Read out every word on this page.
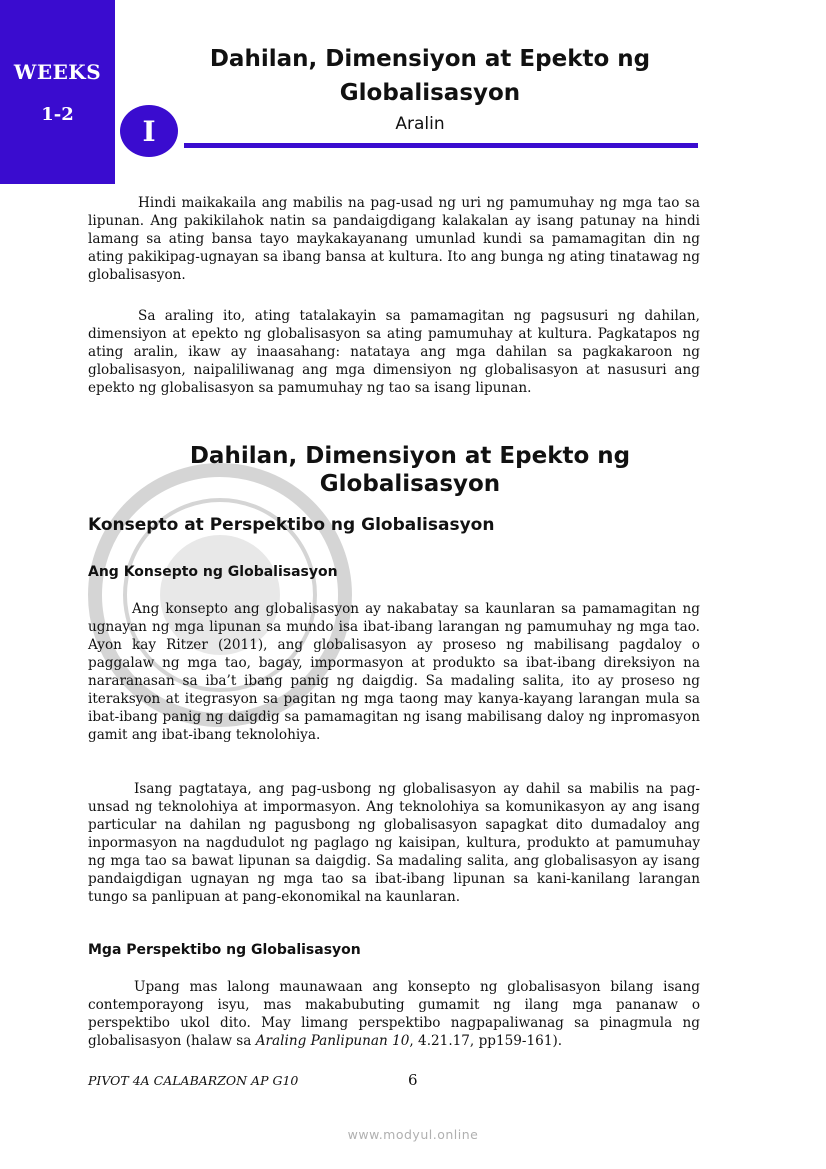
WEEKS
1-2
Dahilan, Dimensiyon at Epekto ng
Globalisasyon
I	Aralin

Hindi maikakaila ang mabilis na pag-usad ng uri ng pamumuhay ng mga tao sa lipunan. Ang pakikilahok natin sa pandaigdigang kalakalan ay isang patunay na hindi lamang sa ating bansa tayo maykakayanang umunlad kundi sa pamamagitan din ng ating pakikipag-ugnayan sa ibang bansa at kultura. Ito ang bunga ng ating tinatawag ng globalisasyon.

Sa araling ito, ating tatalakayin sa pamamagitan ng pagsusuri ng dahilan, dimensiyon at epekto ng globalisasyon sa ating pamumuhay at kultura. Pagkatapos ng ating aralin, ikaw ay inaasahang: natataya ang mga dahilan sa pagkakaroon ng globalisasyon, naipaliliwanag ang mga dimensiyon ng globalisasyon at nasusuri ang epekto ng globalisasyon sa pamumuhay ng tao sa isang lipunan.

Dahilan, Dimensiyon at Epekto ng
Globalisasyon
Konsepto at Perspektibo ng Globalisasyon
Ang Konsepto ng Globalisasyon

Ang konsepto ang globalisasyon ay nakabatay sa kaunlaran sa pamamagitan ng ugnayan ng mga lipunan sa mundo isa ibat-ibang larangan ng pamumuhay ng mga tao. Ayon kay Ritzer (2011), ang globalisasyon ay proseso ng mabilisang pagdaloy o paggalaw ng mga tao, bagay, impormasyon at produkto sa ibat-ibang direksiyon na nararanasan sa iba’t ibang panig ng daigdig. Sa madaling salita, ito ay proseso ng iteraksyon at itegrasyon sa pagitan ng mga taong may kanya-kayang larangan mula sa ibat-ibang panig ng daigdig sa pamamagitan ng isang mabilisang daloy ng inpromasyon gamit ang ibat-ibang teknolohiya.

Isang pagtataya, ang pag-usbong ng globalisasyon ay dahil sa mabilis na pag-unsad ng teknolohiya at impormasyon. Ang teknolohiya sa komunikasyon ay ang isang particular na dahilan ng pagusbong ng globalisasyon sapagkat dito dumadaloy ang inpormasyon na nagdudulot ng paglago ng kaisipan, kultura, produkto at pamumuhay ng mga tao sa bawat lipunan sa daigdig. Sa madaling salita, ang globalisasyon ay isang pandaigdigan ugnayan ng mga tao sa ibat-ibang lipunan sa kani-kanilang larangan tungo sa panlipuan at pang-ekonomikal na kaunlaran.

Mga Perspektibo ng Globalisasyon

Upang mas lalong maunawaan ang konsepto ng globalisasyon bilang isang contemporayong isyu, mas makabubuting gumamit ng ilang mga pananaw o perspektibo ukol dito. May limang perspektibo nagpapaliwanag sa pinagmula ng globalisasyon (halaw sa Araling Panlipunan 10, 4.21.17, pp159-161).

PIVOT 4A CALABARZON AP G10	6
www.modyul.online
